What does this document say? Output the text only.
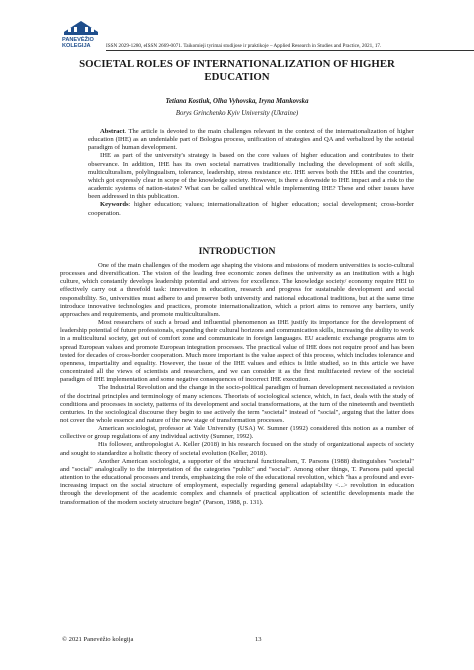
PANEVĖŽIO
KOLEGIJA	ISSN 2029-1280, eISSN 2669-0071. Taikomieji tyrimai studijose ir praktikoje – Applied Research in Studies and Practice, 2021, 17.
SOCIETAL ROLES OF INTERNATIONALIZATION OF HIGHER EDUCATION
Tetiana Kostiuk, Olha Vyhovska, Iryna Mankovska
Borys Grinchenko Kyiv University (Ukraine)

Abstract. The article is devoted to the main challenges relevant in the context of the internationalization of higher education (IHE) as an undeniable part of Bologna process, unification of strategies and QA and verbalized by the sotietal paradigm of human development.

IHE as part of the university's strategy is based on the core values of higher education and contributes to their observance. In addition, IHE has its own societal narratives traditionally including the development of soft skills, multiculturalism, polylingualism, tolerance, leadership, stress resistance etc. IHE serves both the HEIs and the countries, which got expressly clear in scope of the knowledge society. However, is there a downside to IHE impact and a risk to the academic systems of nation-states? What can be called unethical while implementing IHE? These and other issues have been addressed in this publication.

Keywords: higher education; values; internationalization of higher education; social development; cross-border cooperation.

INTRODUCTION

One of the main challenges of the modern age shaping the visions and missions of modern universities is socio-cultural processes and diversification. The vision of the leading free economic zones defines the university as an institution with a high culture, which constantly develops leadership potential and strives for excellence. The knowledge society/ economy require HEI to effectively carry out a threefold task: innovation in education, research and progress for sustainable development and social responsibility. So, universities must adhere to and preserve both university and national educational traditions, but at the same time introduce innovative technologies and practices, promote internationalization, which a priori aims to remove any barriers, unify approaches and requirements, and promote multiculturalism.

Most researchers of such a broad and influential phenomenon as IHE justify its importance for the development of leadership potential of future professionals, expanding their cultural horizons and communication skills, increasing the ability to work in a multicultural society, get out of comfort zone and communicate in foreign languages. EU academic exchange programs aim to spread European values and promote European integration processes. The practical value of IHE does not require proof and has been tested for decades of cross-border cooperation. Much more important is the value aspect of this process, which includes tolerance and openness, impartiality and equality. However, the issue of the IHE values and ethics is little studied, so in this article we have concentrated all the views of scientists and researchers, and we can consider it as the first multifaceted review of the societal paradigm of IHE implementation and some negative consequences of incorrect IHE execution.

The Industrial Revolution and the change in the socio-political paradigm of human development necessitated a revision of the doctrinal principles and terminology of many sciences. Theorists of sociological science, which, in fact, deals with the study of conditions and processes in society, patterns of its development and social transformations, at the turn of the nineteenth and twentieth centuries. In the sociological discourse they begin to use actively the term "societal" instead of "social", arguing that the latter does not cover the whole essence and nature of the new stage of transformation processes.

American sociologist, professor at Yale University (USA) W. Sumner (1992) considered this notion as a number of collective or group regulations of any individual activity (Sumner, 1992).

His follower, anthropologist A. Keller (2018) in his research focused on the study of organizational aspects of society and sought to standardize a holistic theory of societal evolution (Keller, 2018).

Another American sociologist, a supporter of the structural functionalism, T. Parsons (1988) distinguishes "societal" and "social" analogically to the interpretation of the categories "public" and "social". Among other things, T. Parsons paid special attention to the educational processes and trends, emphasizing the role of the educational revolution, which "has a profound and ever-increasing impact on the social structure of employment, especially regarding general adaptability <...> revolution in education through the development of the academic complex and channels of practical application of scientific developments made the transformation of the modern society structure begin" (Parson, 1988, p. 131).

© 2021 Panevėžio kolegija	13
